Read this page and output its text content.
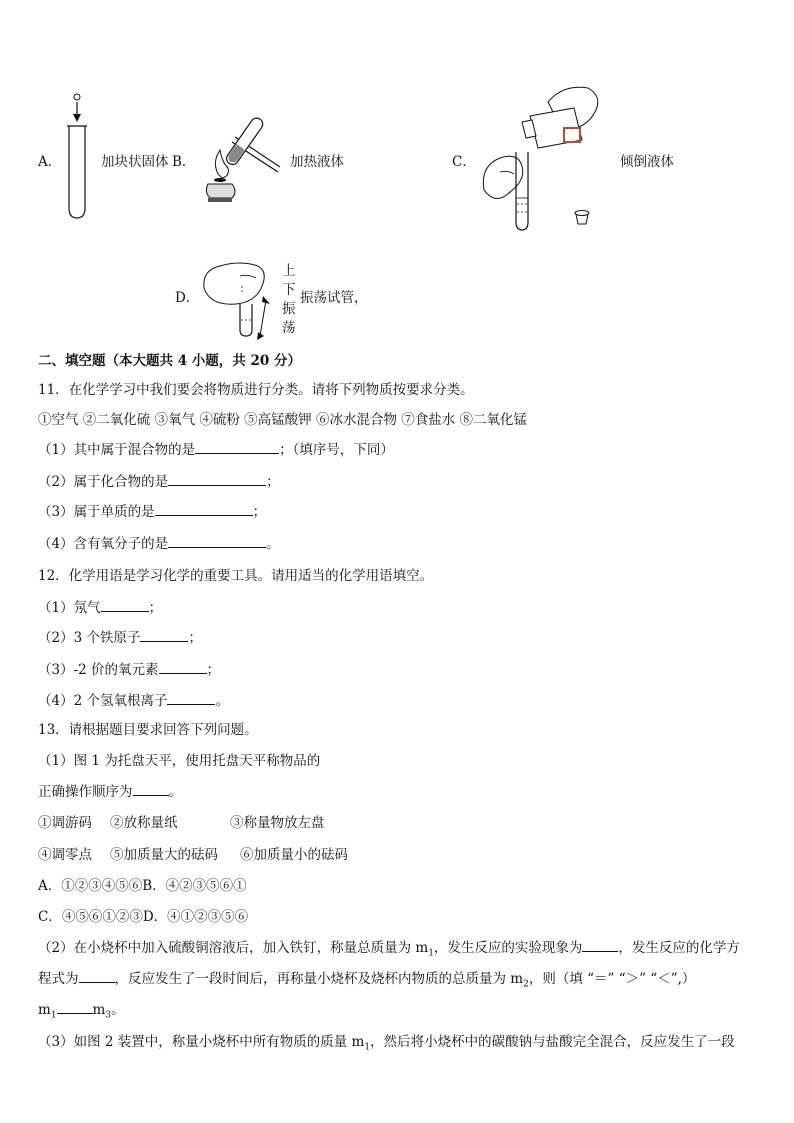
A．	加块状固体 B．	加热液体	C．	倾倒液体
D．
上
下
振
荡
振荡试管，
二、填空题（本大题共 4 小题，共 20 分）
11．在化学学习中我们要会将物质进行分类。请将下列物质按要求分类。
①空气 ②二氧化硫 ③氧气 ④硫粉 ⑤高锰酸钾 ⑥冰水混合物 ⑦食盐水 ⑧二氧化锰
（1）其中属于混合物的是	；（填序号，下同）
（2）属于化合物的是	；
（3）属于单质的是	；
（4）含有氧分子的是	。
12．化学用语是学习化学的重要工具。请用适当的化学用语填空。
（1）氖气	；
（2）3 个铁原子	；
（3）-2 价的氧元素	；
（4）2 个氢氧根离子	。
13．请根据题目要求回答下列问题。
（1）图 1 为托盘天平，使用托盘天平称物品的
正确操作顺序为	。
①调游码 ②放称量纸	③称量物放左盘
④调零点 ⑤加质量大的砝码 ⑥加质量小的砝码
A．①②③④⑤⑥B．④②③⑤⑥①
C．④⑤⑥①②③D．④①②③⑤⑥
（2）在小烧杯中加入硫酸铜溶液后，加入铁钉，称量总质量为 $m_1$，发生反应的实验现象为	，发生反应的化学方
程式为	，反应发生了一段时间后，再称量小烧杯及烧杯内物质的总质量为 $m_2$，则（填 “＝” “＞” “＜”,）
$m_1$	$m_3$。
（3）如图 2 装置中，称量小烧杯中所有物质的质量 $m_1$，然后将小烧杯中的碳酸钠与盐酸完全混合，反应发生了一段
